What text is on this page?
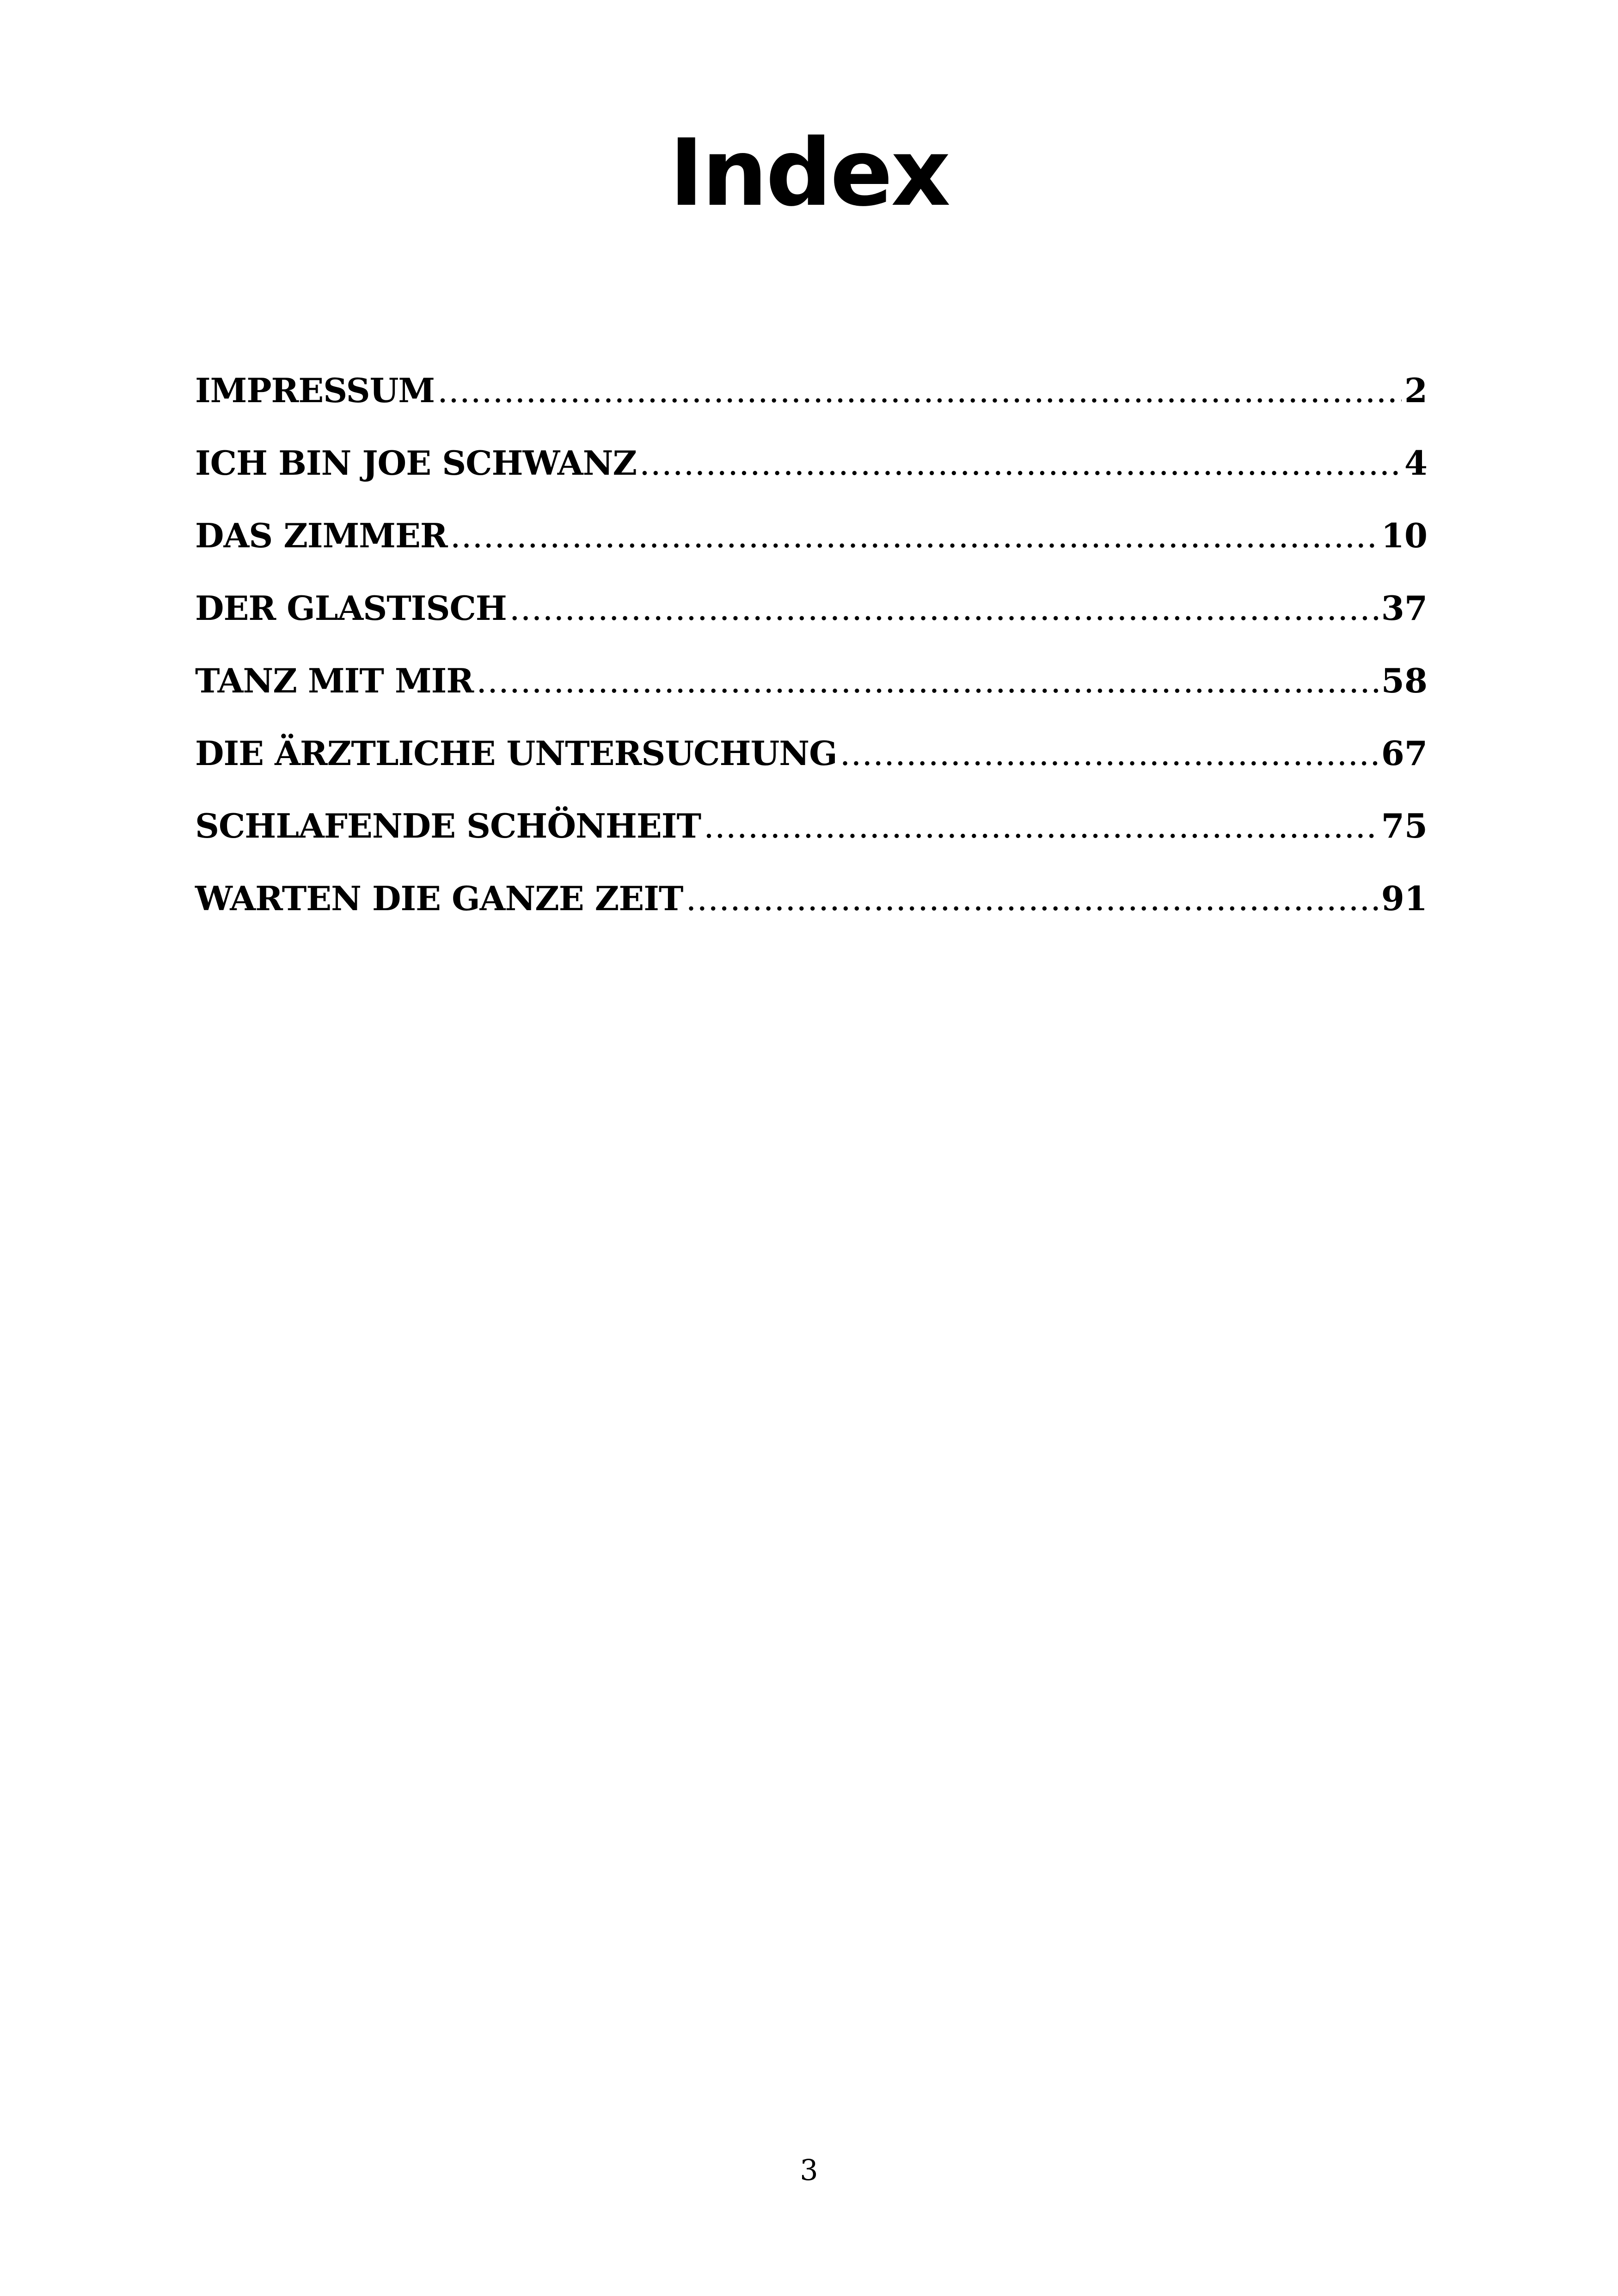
Index
IMPRESSUM .....	2
ICH BIN JOE SCHWANZ .....	4
DAS ZIMMER .....	10
DER GLASTISCH .....	37
TANZ MIT MIR .....	58
DIE ÄRZTLICHE UNTERSUCHUNG .....	67
SCHLAFENDE SCHÖNHEIT .....	75
WARTEN DIE GANZE ZEIT .....	91
3
